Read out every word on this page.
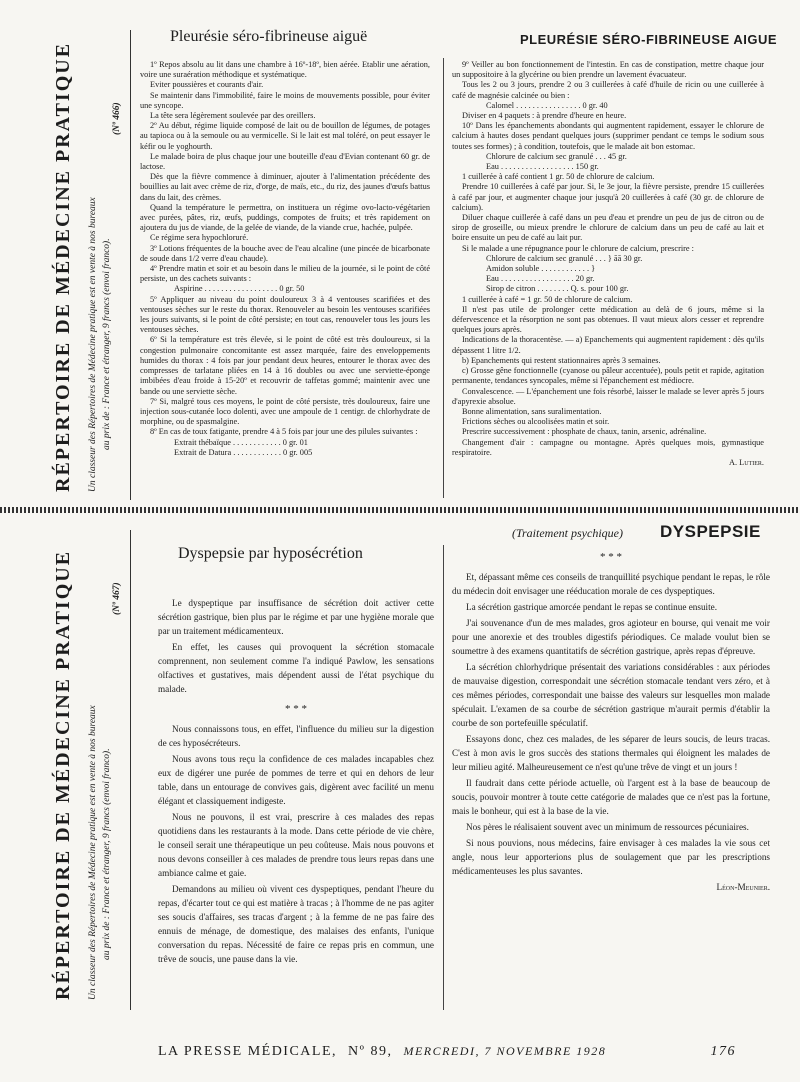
RÉPERTOIRE DE MÉDECINE PRATIQUE Un classeur des Répertoires de Médecine pratique est en vente à nos bureaux au prix de : France et étranger, 9 francs (envoi franco).
(Nº 466)
Pleurésie séro-fibrineuse aiguë	PLEURÉSIE SÉRO-FIBRINEUSE AIGUE

1º Repos absolu au lit dans une chambre à 16º-18º, bien aérée. Etablir une aération, voire une suraération méthodique et systématique.

Eviter poussières et courants d'air.

Se maintenir dans l'immobilité, faire le moins de mouvements possible, pour éviter une syncope.

La tête sera légèrement soulevée par des oreillers.

2º Au début, régime liquide composé de lait ou de bouillon de légumes, de potages au tapioca ou à la semoule ou au vermicelle. Si le lait est mal toléré, on peut essayer le kéfir ou le yoghourth.

Le malade boira de plus chaque jour une bouteille d'eau d'Evian contenant 60 gr. de lactose.

Dès que la fièvre commence à diminuer, ajouter à l'alimentation précédente des bouillies au lait avec crème de riz, d'orge, de maïs, etc., du riz, des jaunes d'œufs battus dans du lait, des crèmes.

Quand la température le permettra, on instituera un régime ovo-lacto-végétarien avec purées, pâtes, riz, œufs, puddings, compotes de fruits; et très rapidement on ajoutera du jus de viande, de la gelée de viande, de la viande crue, hachée, pulpée.

Ce régime sera hypochloruré.

3º Lotions fréquentes de la bouche avec de l'eau alcaline (une pincée de bicarbonate de soude dans 1/2 verre d'eau chaude).

4º Prendre matin et soir et au besoin dans le milieu de la journée, si le point de côté persiste, un des cachets suivants :

Aspirine . . . . . . . . . . . . . . . . . . 0 gr. 50

5º Appliquer au niveau du point douloureux 3 à 4 ventouses scarifiées et des ventouses sèches sur le reste du thorax. Renouveler au besoin les ventouses scarifiées les jours suivants, si le point de côté persiste; en tout cas, renouveler tous les jours les ventouses sèches.

6º Si la température est très élevée, si le point de côté est très douloureux, si la congestion pulmonaire concomitante est assez marquée, faire des enveloppements humides du thorax : 4 fois par jour pendant deux heures, entourer le thorax avec des compresses de tarlatane pliées en 14 à 16 doubles ou avec une serviette-éponge imbibées d'eau froide à 15-20º et recouvrir de taffetas gommé; maintenir avec une bande ou une serviette sèche.

7º Si, malgré tous ces moyens, le point de côté persiste, très douloureux, faire une injection sous-cutanée loco dolenti, avec une ampoule de 1 centigr. de chlorhydrate de morphine, ou de spasmalgine.

8º En cas de toux fatigante, prendre 4 à 5 fois par jour une des pilules suivantes :

Extrait thébaïque . . . . . . . . . . . . 0 gr. 01

Extrait de Datura . . . . . . . . . . . . 0 gr. 005

9º Veiller au bon fonctionnement de l'intestin. En cas de constipation, mettre chaque jour un suppositoire à la glycérine ou bien prendre un lavement évacuateur.

Tous les 2 ou 3 jours, prendre 2 ou 3 cuillerées à café d'huile de ricin ou une cuillerée à café de magnésie calcinée ou bien :

Calomel . . . . . . . . . . . . . . . . 0 gr. 40

Diviser en 4 paquets : à prendre d'heure en heure.

10º Dans les épanchements abondants qui augmentent rapidement, essayer le chlorure de calcium à hautes doses pendant quelques jours (supprimer pendant ce temps le sodium sous toutes ses formes) ; à condition, toutefois, que le malade ait bon estomac.

Chlorure de calcium sec granulé . . . 45 gr.

Eau . . . . . . . . . . . . . . . . . . 150 gr.

1 cuillerée à café contient 1 gr. 50 de chlorure de calcium.

Prendre 10 cuillerées à café par jour. Si, le 3e jour, la fièvre persiste, prendre 15 cuillerées à café par jour, et augmenter chaque jour jusqu'à 20 cuillerées à café (30 gr. de chlorure de calcium).

Diluer chaque cuillerée à café dans un peu d'eau et prendre un peu de jus de citron ou de sirop de groseille, ou mieux prendre le chlorure de calcium dans un peu de café au lait et boire ensuite un peu de café au lait pur.

Si le malade a une répugnance pour le chlorure de calcium, prescrire :

Chlorure de calcium sec granulé . . . } āā 30 gr.

Amidon soluble . . . . . . . . . . . . }

Eau . . . . . . . . . . . . . . . . . . 20 gr.

Sirop de citron . . . . . . . . Q. s. pour 100 gr.

1 cuillerée à café = 1 gr. 50 de chlorure de calcium.

Il n'est pas utile de prolonger cette médication au delà de 6 jours, même si la défervescence et la résorption ne sont pas obtenues. Il vaut mieux alors cesser et reprendre quelques jours après.

Indications de la thoracentèse. — a) Epanchements qui augmentent rapidement : dès qu'ils dépassent 1 litre 1/2.

b) Epanchements qui restent stationnaires après 3 semaines.

c) Grosse gêne fonctionnelle (cyanose ou pâleur accentuée), pouls petit et rapide, agitation permanente, tendances syncopales, même si l'épanchement est médiocre.

Convalescence. — L'épanchement une fois résorbé, laisser le malade se lever après 5 jours d'apyrexie absolue.

Bonne alimentation, sans suralimentation.

Frictions sèches ou alcoolisées matin et soir.

Prescrire successivement : phosphate de chaux, tanin, arsenic, adrénaline.

Changement d'air : campagne ou montagne. Après quelques mois, gymnastique respiratoire.

A. Lutier.

RÉPERTOIRE DE MÉDECINE PRATIQUE Un classeur des Répertoires de Médecine pratique est en vente à nos bureaux au prix de : France et étranger, 9 francs (envoi franco).
(Nº 467)
(Traitement psychique) DYSPEPSIE
Dyspepsie par hyposécrétion

Le dyspeptique par insuffisance de sécrétion doit activer cette sécrétion gastrique, bien plus par le régime et par une hygiène morale que par un traitement médicamenteux.

En effet, les causes qui provoquent la sécrétion stomacale comprennent, non seulement comme l'a indiqué Pawlow, les sensations olfactives et gustatives, mais dépendent aussi de l'état psychique du malade.

* * *

Nous connaissons tous, en effet, l'influence du milieu sur la digestion de ces hyposécréteurs.

Nous avons tous reçu la confidence de ces malades incapables chez eux de digérer une purée de pommes de terre et qui en dehors de leur table, dans un entourage de convives gais, digèrent avec facilité un menu élégant et classiquement indigeste.

Nous ne pouvons, il est vrai, prescrire à ces malades des repas quotidiens dans les restaurants à la mode. Dans cette période de vie chère, le conseil serait une thérapeutique un peu coûteuse. Mais nous pouvons et nous devons conseiller à ces malades de prendre tous leurs repas dans une ambiance calme et gaie.

Demandons au milieu où vivent ces dyspeptiques, pendant l'heure du repas, d'écarter tout ce qui est matière à tracas ; à l'homme de ne pas agiter ses soucis d'affaires, ses tracas d'argent ; à la femme de ne pas faire des ennuis de ménage, de domestique, des malaises des enfants, l'unique conversation du repas. Nécessité de faire ce repas pris en commun, une trêve de soucis, une pause dans la vie.

* * *

Et, dépassant même ces conseils de tranquillité psychique pendant le repas, le rôle du médecin doit envisager une rééducation morale de ces dyspeptiques.

La sécrétion gastrique amorcée pendant le repas se continue ensuite.

J'ai souvenance d'un de mes malades, gros agioteur en bourse, qui venait me voir pour une anorexie et des troubles digestifs périodiques. Ce malade voulut bien se soumettre à des examens quantitatifs de sécrétion gastrique, après repas d'épreuve.

La sécrétion chlorhydrique présentait des variations considérables : aux périodes de mauvaise digestion, correspondait une sécrétion stomacale tendant vers zéro, et à ces mêmes périodes, correspondait une baisse des valeurs sur lesquelles mon malade spéculait. L'examen de sa courbe de sécrétion gastrique m'aurait permis d'établir la courbe de son portefeuille spéculatif.

Essayons donc, chez ces malades, de les séparer de leurs soucis, de leurs tracas. C'est à mon avis le gros succès des stations thermales qui éloignent les malades de leur milieu agité. Malheureusement ce n'est qu'une trêve de vingt et un jours !

Il faudrait dans cette période actuelle, où l'argent est à la base de beaucoup de soucis, pouvoir montrer à toute cette catégorie de malades que ce n'est pas la fortune, mais le bonheur, qui est à la base de la vie.

Nos pères le réalisaient souvent avec un minimum de ressources pécuniaires.

Si nous pouvions, nous médecins, faire envisager à ces malades la vie sous cet angle, nous leur apporterions plus de soulagement que par les prescriptions médicamenteuses les plus savantes.

Léon-Meunier.

LA PRESSE MÉDICALE, Nº 89, MERCREDI, 7 NOVEMBRE 1928	176
